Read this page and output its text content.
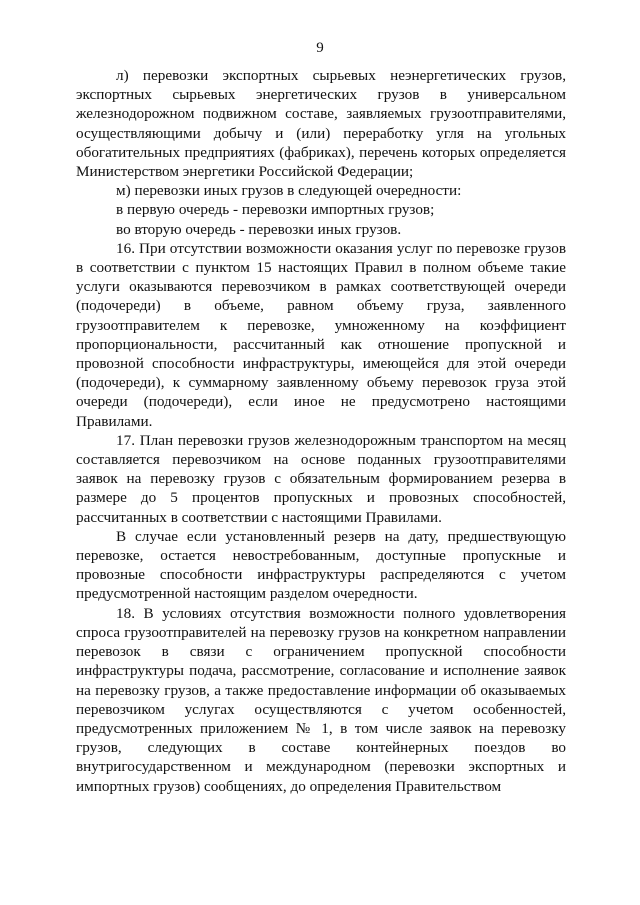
9

л) перевозки экспортных сырьевых неэнергетических грузов, экспортных сырьевых энергетических грузов в универсальном железнодорожном подвижном составе, заявляемых грузоотправителями, осуществляющими добычу и (или) переработку угля на угольных обогатительных предприятиях (фабриках), перечень которых определяется Министерством энергетики Российской Федерации;

м) перевозки иных грузов в следующей очередности:

в первую очередь - перевозки импортных грузов;

во вторую очередь - перевозки иных грузов.

16. При отсутствии возможности оказания услуг по перевозке грузов в соответствии с пунктом 15 настоящих Правил в полном объеме такие услуги оказываются перевозчиком в рамках соответствующей очереди (подочереди) в объеме, равном объему груза, заявленного грузоотправителем к перевозке, умноженному на коэффициент пропорциональности, рассчитанный как отношение пропускной и провозной способности инфраструктуры, имеющейся для этой очереди (подочереди), к суммарному заявленному объему перевозок груза этой очереди (подочереди), если иное не предусмотрено настоящими Правилами.

17. План перевозки грузов железнодорожным транспортом на месяц составляется перевозчиком на основе поданных грузоотправителями заявок на перевозку грузов с обязательным формированием резерва в размере до 5 процентов пропускных и провозных способностей, рассчитанных в соответствии с настоящими Правилами.

В случае если установленный резерв на дату, предшествующую перевозке, остается невостребованным, доступные пропускные и провозные способности инфраструктуры распределяются с учетом предусмотренной настоящим разделом очередности.

18. В условиях отсутствия возможности полного удовлетворения спроса грузоотправителей на перевозку грузов на конкретном направлении перевозок в связи с ограничением пропускной способности инфраструктуры подача, рассмотрение, согласование и исполнение заявок на перевозку грузов, а также предоставление информации об оказываемых перевозчиком услугах осуществляются с учетом особенностей, предусмотренных приложением № 1, в том числе заявок на перевозку грузов, следующих в составе контейнерных поездов во внутригосударственном и международном (перевозки экспортных и импортных грузов) сообщениях, до определения Правительством
